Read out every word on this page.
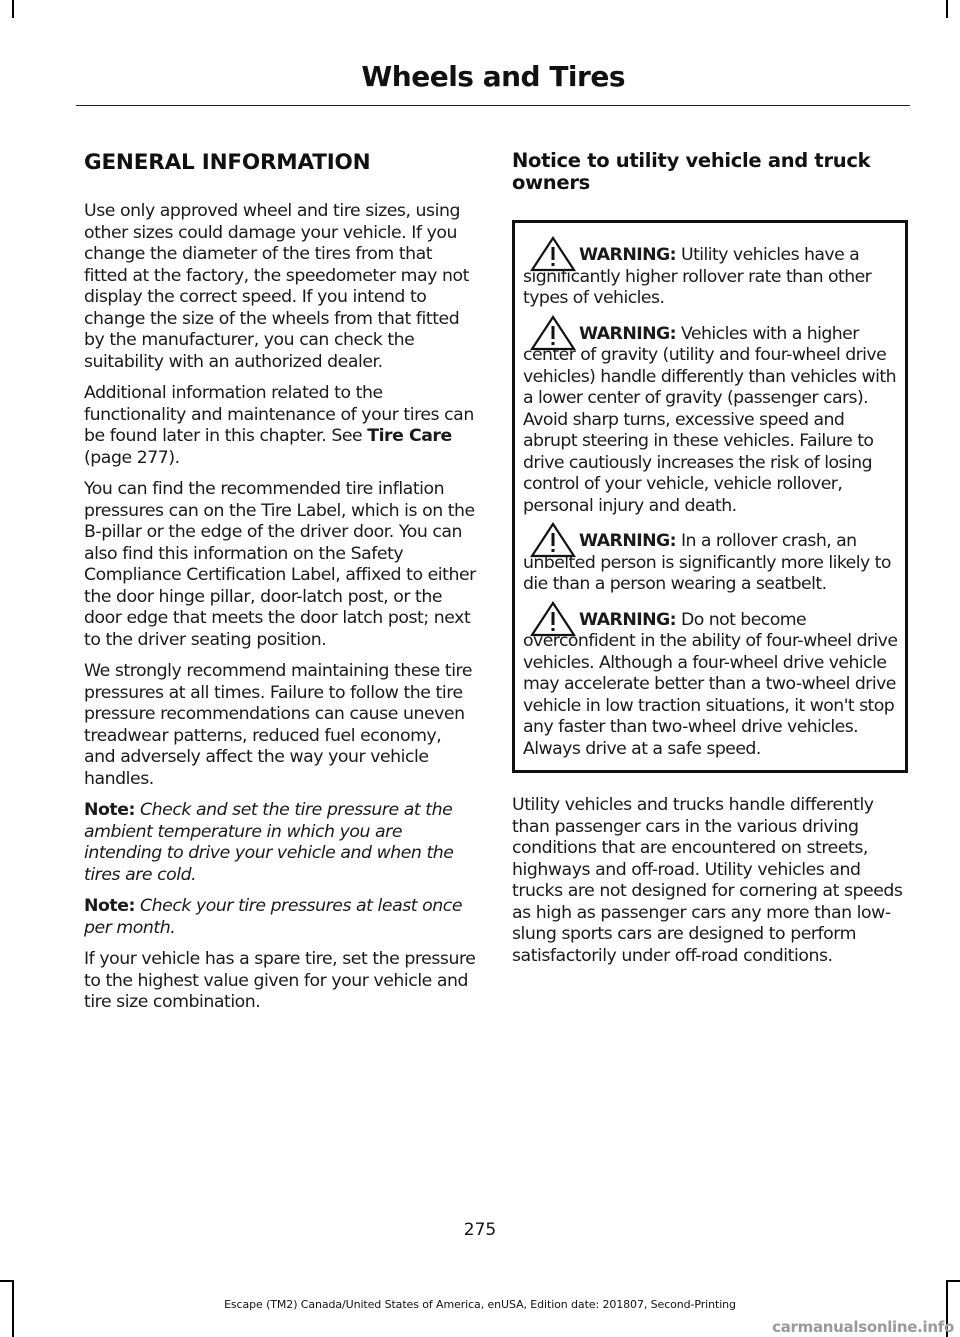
Wheels and Tires
GENERAL INFORMATION

Use only approved wheel and tire sizes, using other sizes could damage your vehicle. If you change the diameter of the tires from that fitted at the factory, the speedometer may not display the correct speed. If you intend to change the size of the wheels from that fitted by the manufacturer, you can check the suitability with an authorized dealer.

Additional information related to the functionality and maintenance of your tires can be found later in this chapter. See Tire Care (page 277).

You can find the recommended tire inflation pressures can on the Tire Label, which is on the B-pillar or the edge of the driver door. You can also find this information on the Safety Compliance Certification Label, affixed to either the door hinge pillar, door-latch post, or the door edge that meets the door latch post; next to the driver seating position.

We strongly recommend maintaining these tire pressures at all times. Failure to follow the tire pressure recommendations can cause uneven treadwear patterns, reduced fuel economy, and adversely affect the way your vehicle handles.

Note: Check and set the tire pressure at the ambient temperature in which you are intending to drive your vehicle and when the tires are cold.

Note: Check your tire pressures at least once per month.

If your vehicle has a spare tire, set the pressure to the highest value given for your vehicle and tire size combination.

Notice to utility vehicle and truck owners

WARNING: Utility vehicles have a significantly higher rollover rate than other types of vehicles.

WARNING: Vehicles with a higher center of gravity (utility and four-wheel drive vehicles) handle differently than vehicles with a lower center of gravity (passenger cars). Avoid sharp turns, excessive speed and abrupt steering in these vehicles. Failure to drive cautiously increases the risk of losing control of your vehicle, vehicle rollover, personal injury and death.

WARNING: In a rollover crash, an unbelted person is significantly more likely to die than a person wearing a seatbelt.

WARNING: Do not become overconfident in the ability of four-wheel drive vehicles. Although a four-wheel drive vehicle may accelerate better than a two-wheel drive vehicle in low traction situations, it won't stop any faster than two-wheel drive vehicles. Always drive at a safe speed.

Utility vehicles and trucks handle differently than passenger cars in the various driving conditions that are encountered on streets, highways and off-road. Utility vehicles and trucks are not designed for cornering at speeds as high as passenger cars any more than low-slung sports cars are designed to perform satisfactorily under off-road conditions.

275
Escape (TM2) Canada/United States of America, enUSA, Edition date: 201807, Second-Printing
carmanualsonline.info
